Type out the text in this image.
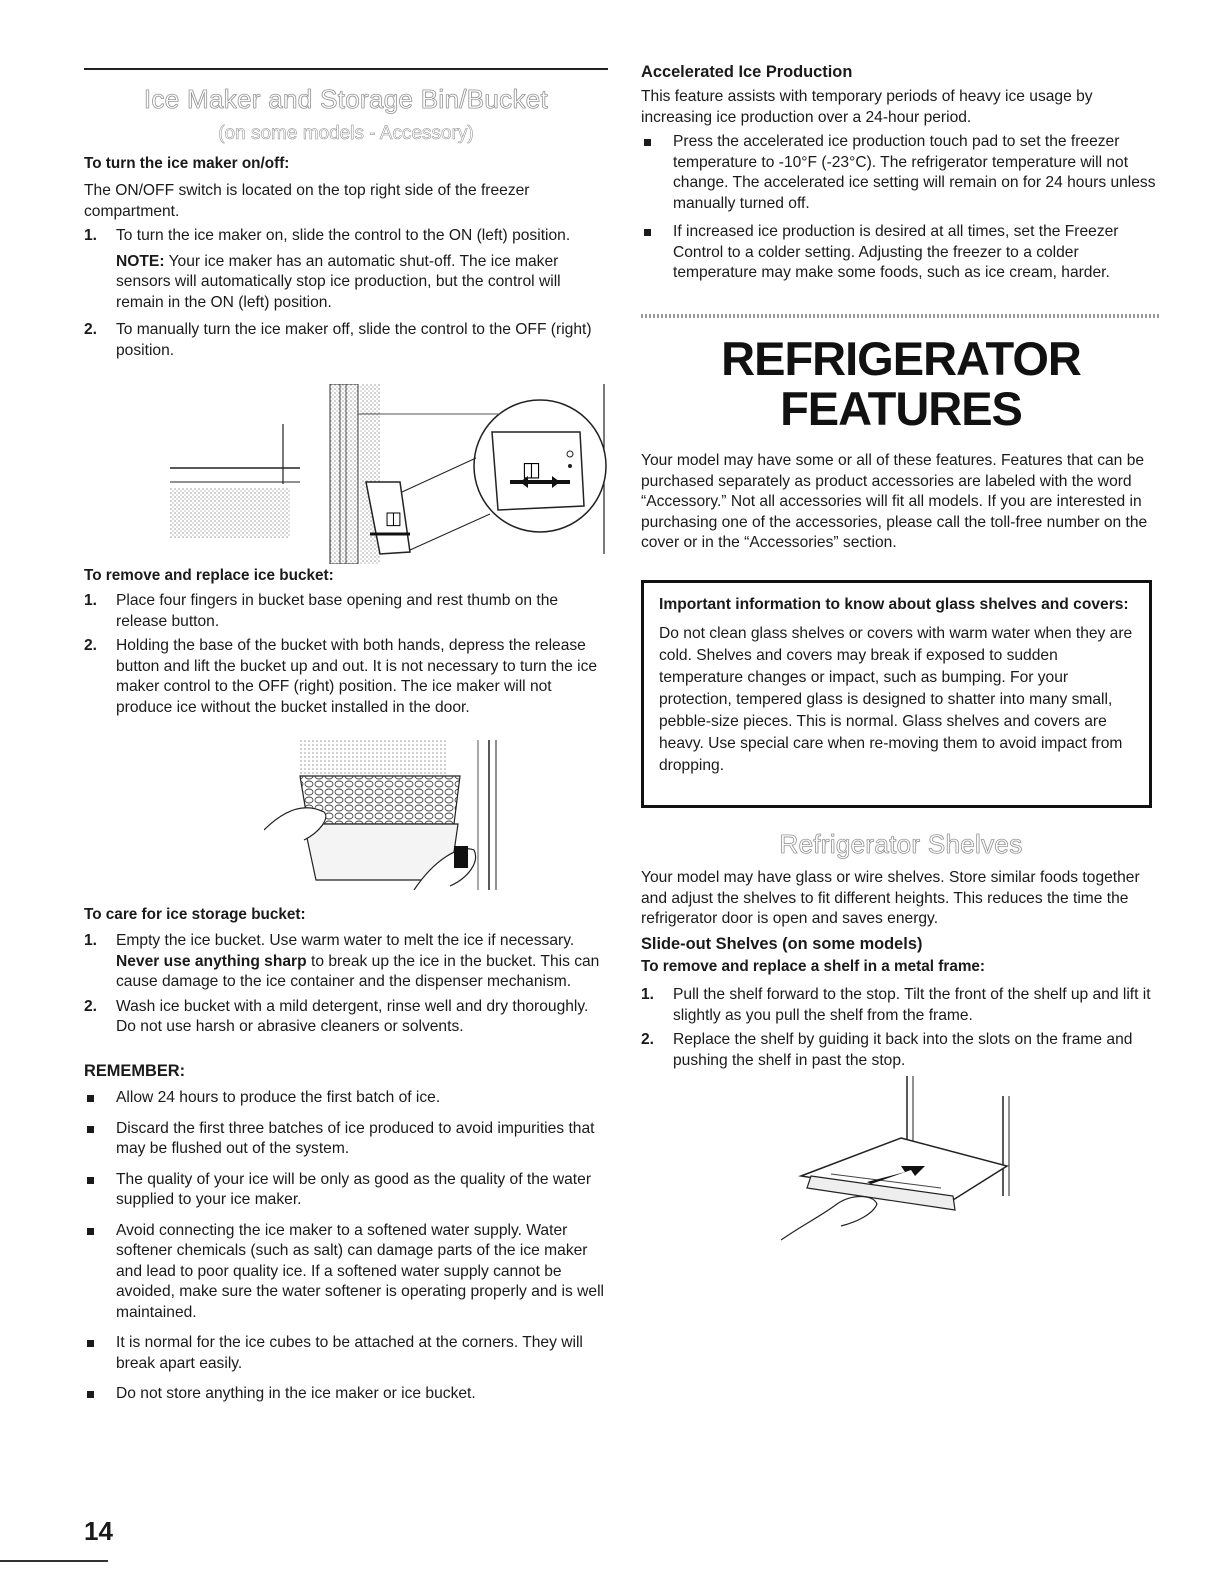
Ice Maker and Storage Bin/Bucket
(on some models - Accessory)

To turn the ice maker on/off:

The ON/OFF switch is located on the top right side of the freezer compartment.

1. To turn the ice maker on, slide the control to the ON (left) position.

NOTE: Your ice maker has an automatic shut-off. The ice maker sensors will automatically stop ice production, but the control will remain in the ON (left) position.

2. To manually turn the ice maker off, slide the control to the OFF (right) position.
◫
◫

To remove and replace ice bucket:

1. Place four fingers in bucket base opening and rest thumb on the release button.
2. Holding the base of the bucket with both hands, depress the release button and lift the bucket up and out. It is not necessary to turn the ice maker control to the OFF (right) position. The ice maker will not produce ice without the bucket installed in the door.

To care for ice storage bucket:

1. Empty the ice bucket. Use warm water to melt the ice if necessary. Never use anything sharp to break up the ice in the bucket. This can cause damage to the ice container and the dispenser mechanism.
2. Wash ice bucket with a mild detergent, rinse well and dry thoroughly. Do not use harsh or abrasive cleaners or solvents.

REMEMBER:

Allow 24 hours to produce the first batch of ice.
Discard the first three batches of ice produced to avoid impurities that may be flushed out of the system.
The quality of your ice will be only as good as the quality of the water supplied to your ice maker.
Avoid connecting the ice maker to a softened water supply. Water softener chemicals (such as salt) can damage parts of the ice maker and lead to poor quality ice. If a softened water supply cannot be avoided, make sure the water softener is operating properly and is well maintained.
It is normal for the ice cubes to be attached at the corners. They will break apart easily.
Do not store anything in the ice maker or ice bucket.

Accelerated Ice Production

This feature assists with temporary periods of heavy ice usage by increasing ice production over a 24-hour period.

Press the accelerated ice production touch pad to set the freezer temperature to -10°F (-23°C). The refrigerator temperature will not change. The accelerated ice setting will remain on for 24 hours unless manually turned off.
If increased ice production is desired at all times, set the Freezer Control to a colder setting. Adjusting the freezer to a colder temperature may make some foods, such as ice cream, harder.
REFRIGERATOR
FEATURES

Your model may have some or all of these features. Features that can be purchased separately as product accessories are labeled with the word “Accessory.” Not all accessories will fit all models. If you are interested in purchasing one of the accessories, please call the toll-free number on the cover or in the “Accessories” section.

Important information to know about glass shelves and covers:

Do not clean glass shelves or covers with warm water when they are cold. Shelves and covers may break if exposed to sudden temperature changes or impact, such as bumping. For your protection, tempered glass is designed to shatter into many small, pebble-size pieces. This is normal. Glass shelves and covers are heavy. Use special care when re-moving them to avoid impact from dropping.

Refrigerator Shelves

Your model may have glass or wire shelves. Store similar foods together and adjust the shelves to fit different heights. This reduces the time the refrigerator door is open and saves energy.

Slide-out Shelves (on some models)

To remove and replace a shelf in a metal frame:

1. Pull the shelf forward to the stop. Tilt the front of the shelf up and lift it slightly as you pull the shelf from the frame.
2. Replace the shelf by guiding it back into the slots on the frame and pushing the shelf in past the stop.
14
